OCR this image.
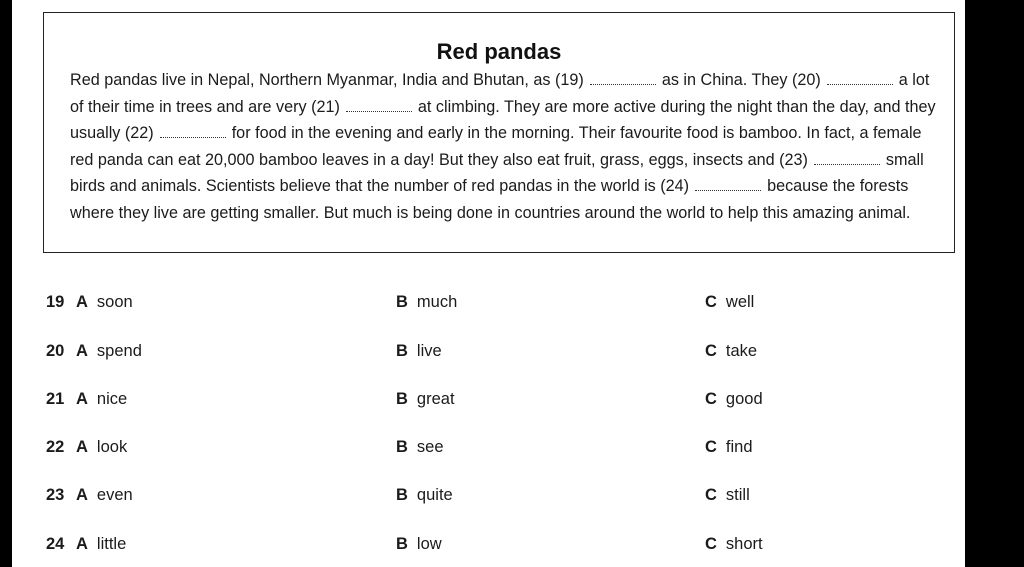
Red pandas
Red pandas live in Nepal, Northern Myanmar, India and Bhutan, as (19)	as in China. They (20)	a lot of their time in trees and are very (21)	at climbing. They are more active during the night than the day, and they usually (22)	for food in the evening and early in the morning. Their favourite food is bamboo. In fact, a female red panda can eat 20,000 bamboo leaves in a day! But they also eat fruit, grass, eggs, insects and (23)	small birds and animals. Scientists believe that the number of red pandas in the world is (24)	because the forests where they live are getting smaller. But much is being done in countries around the world to help this amazing animal.
19 A soon	B much	C well
20 A spend	B live	C take
21 A nice	B great	C good
22 A look	B see	C find
23 A even	B quite	C still
24 A little	B low	C short
